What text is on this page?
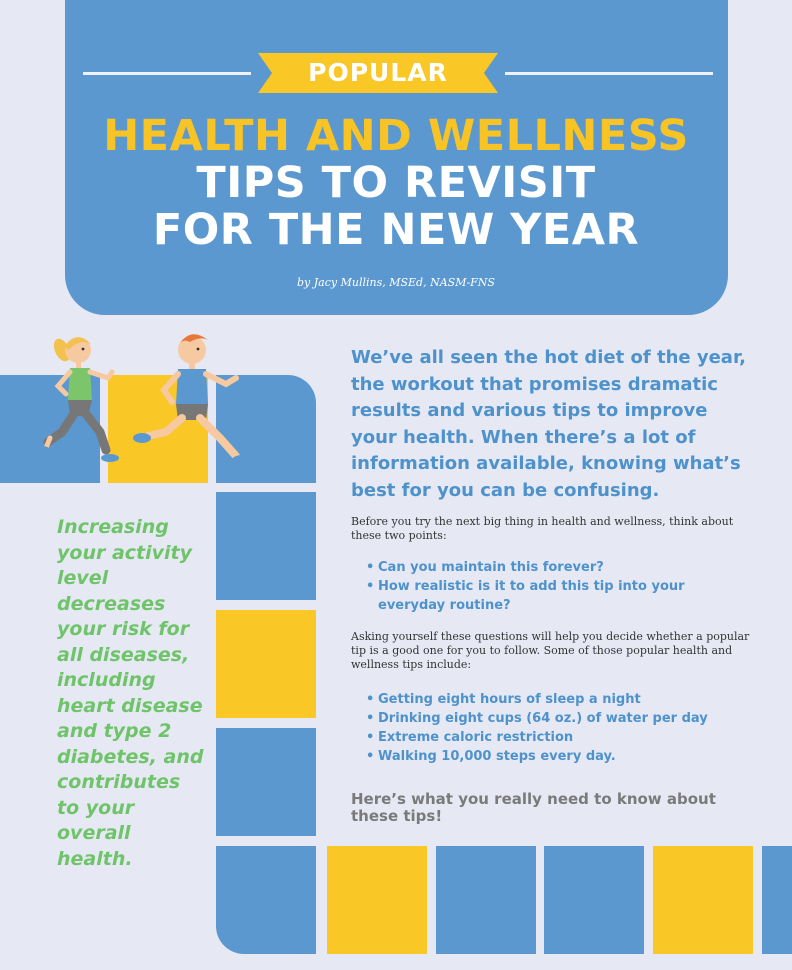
POPULAR
HEALTH AND WELLNESS
TIPS TO REVISIT
FOR THE NEW YEAR
by Jacy Mullins, MSEd, NASM-FNS
Increasing your activity level decreases your risk for all diseases, including heart disease and type 2 diabetes, and contributes to your overall health.
We’ve all seen the hot diet of the year, the workout that promises dramatic results and various tips to improve your health. When there’s a lot of information available, knowing what’s best for you can be confusing.
Before you try the next big thing in health and wellness, think about these two points:
• Can you maintain this forever?
• How realistic is it to add this tip into your everyday routine?
Asking yourself these questions will help you decide whether a popular tip is a good one for you to follow. Some of those popular health and wellness tips include:
• Getting eight hours of sleep a night
• Drinking eight cups (64 oz.) of water per day
• Extreme caloric restriction
• Walking 10,000 steps every day.
Here’s what you really need to know about these tips!
